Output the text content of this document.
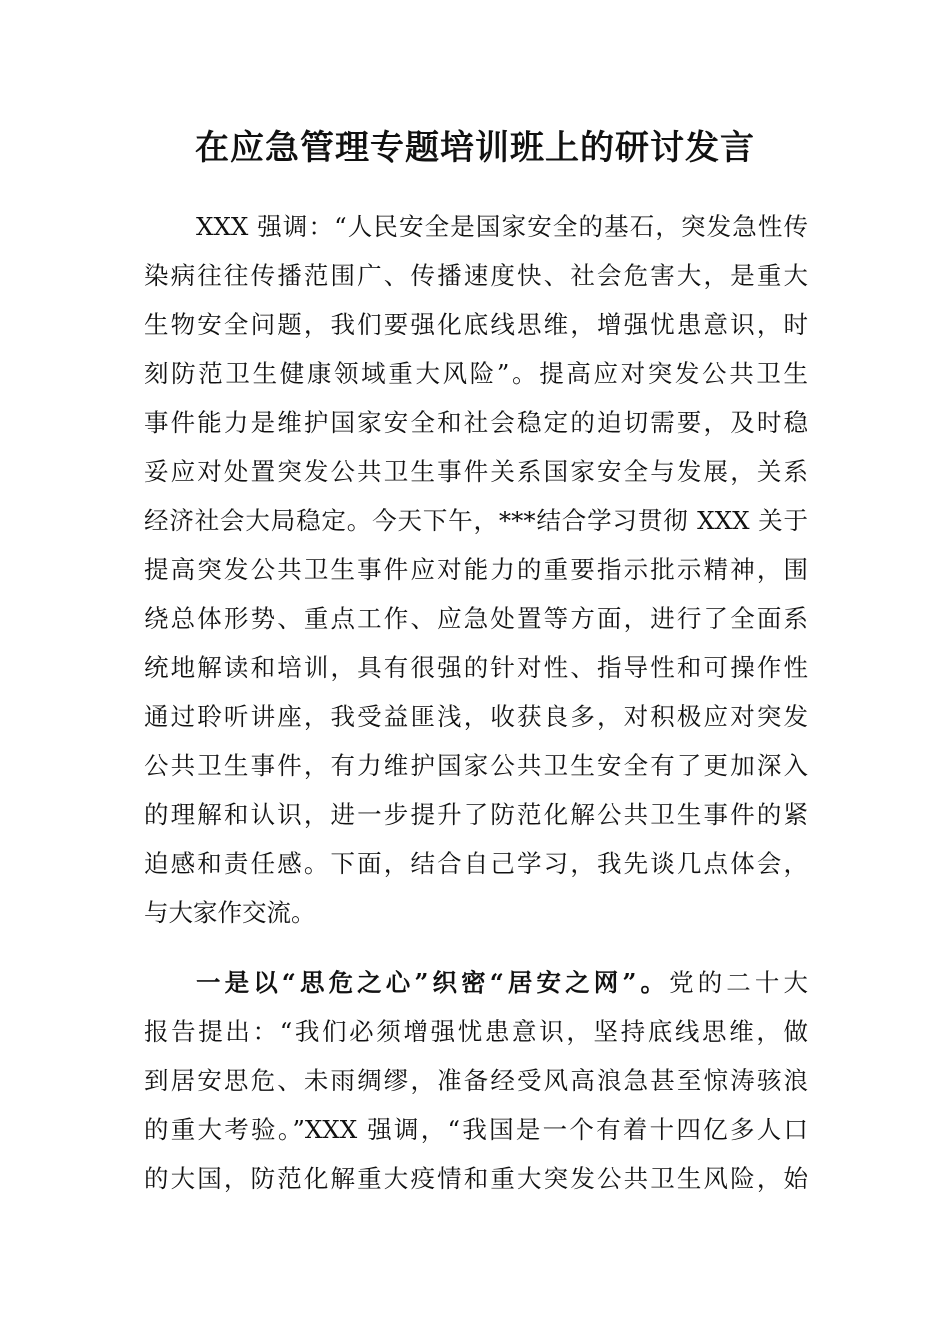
在应急管理专题培训班上的研讨发言
XXX 强调：“人民安全是国家安全的基石，突发急性传
染病往往传播范围广、传播速度快、社会危害大，是重大
生物安全问题，我们要强化底线思维，增强忧患意识，时
刻防范卫生健康领域重大风险”。提高应对突发公共卫生
事件能力是维护国家安全和社会稳定的迫切需要，及时稳
妥应对处置突发公共卫生事件关系国家安全与发展，关系
经济社会大局稳定。今天下午，***结合学习贯彻 XXX 关于
提高突发公共卫生事件应对能力的重要指示批示精神，围
绕总体形势、重点工作、应急处置等方面，进行了全面系
统地解读和培训，具有很强的针对性、指导性和可操作性
通过聆听讲座，我受益匪浅，收获良多，对积极应对突发
公共卫生事件，有力维护国家公共卫生安全有了更加深入
的理解和认识，进一步提升了防范化解公共卫生事件的紧
迫感和责任感。下面，结合自己学习，我先谈几点体会，
与大家作交流。
一是以“思危之心”织密“居安之网”。党的二十大
报告提出：“我们必须增强忧患意识，坚持底线思维，做
到居安思危、未雨绸缪，准备经受风高浪急甚至惊涛骇浪
的重大考验。”XXX 强调，“我国是一个有着十四亿多人口
的大国，防范化解重大疫情和重大突发公共卫生风险，始
